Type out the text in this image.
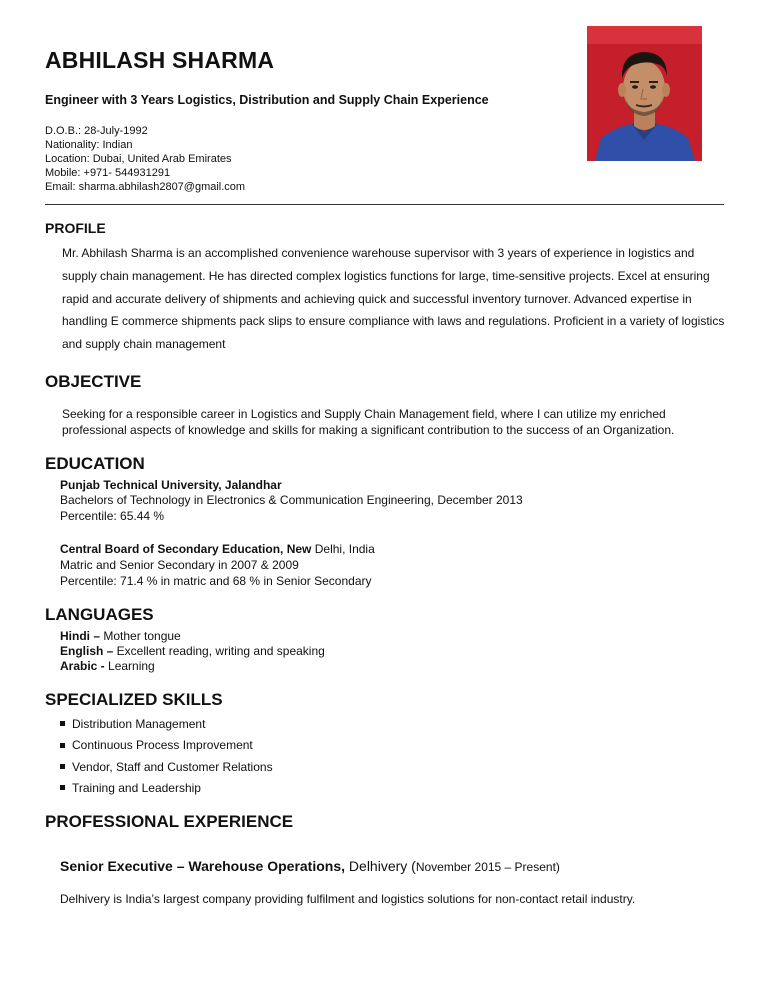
ABHILASH SHARMA
Engineer with 3 Years Logistics, Distribution and Supply Chain Experience
D.O.B.: 28-July-1992
Nationality: Indian
Location: Dubai, United Arab Emirates
Mobile: +971- 544931291
Email: sharma.abhilash2807@gmail.com
PROFILE
Mr. Abhilash Sharma is an accomplished convenience warehouse supervisor with 3 years of experience in logistics and supply chain management. He has directed complex logistics functions for large, time-sensitive projects. Excel at ensuring rapid and accurate delivery of shipments and achieving quick and successful inventory turnover. Advanced expertise in handling E commerce shipments pack slips to ensure compliance with laws and regulations. Proficient in a variety of logistics and supply chain management
OBJECTIVE
Seeking for a responsible career in Logistics and Supply Chain Management field, where I can utilize my enriched professional aspects of knowledge and skills for making a significant contribution to the success of an Organization.
EDUCATION
Punjab Technical University, Jalandhar
Bachelors of Technology in Electronics & Communication Engineering, December 2013
Percentile: 65.44 %
Central Board of Secondary Education, New Delhi, India
Matric and Senior Secondary in 2007 & 2009
Percentile: 71.4 % in matric and 68 % in Senior Secondary
LANGUAGES
Hindi – Mother tongue
English – Excellent reading, writing and speaking
Arabic - Learning
SPECIALIZED SKILLS
Distribution Management
Continuous Process Improvement
Vendor, Staff and Customer Relations
Training and Leadership
PROFESSIONAL EXPERIENCE
Senior Executive – Warehouse Operations, Delhivery (November 2015 – Present)
Delhivery is India’s largest company providing fulfilment and logistics solutions for non-contact retail industry.
